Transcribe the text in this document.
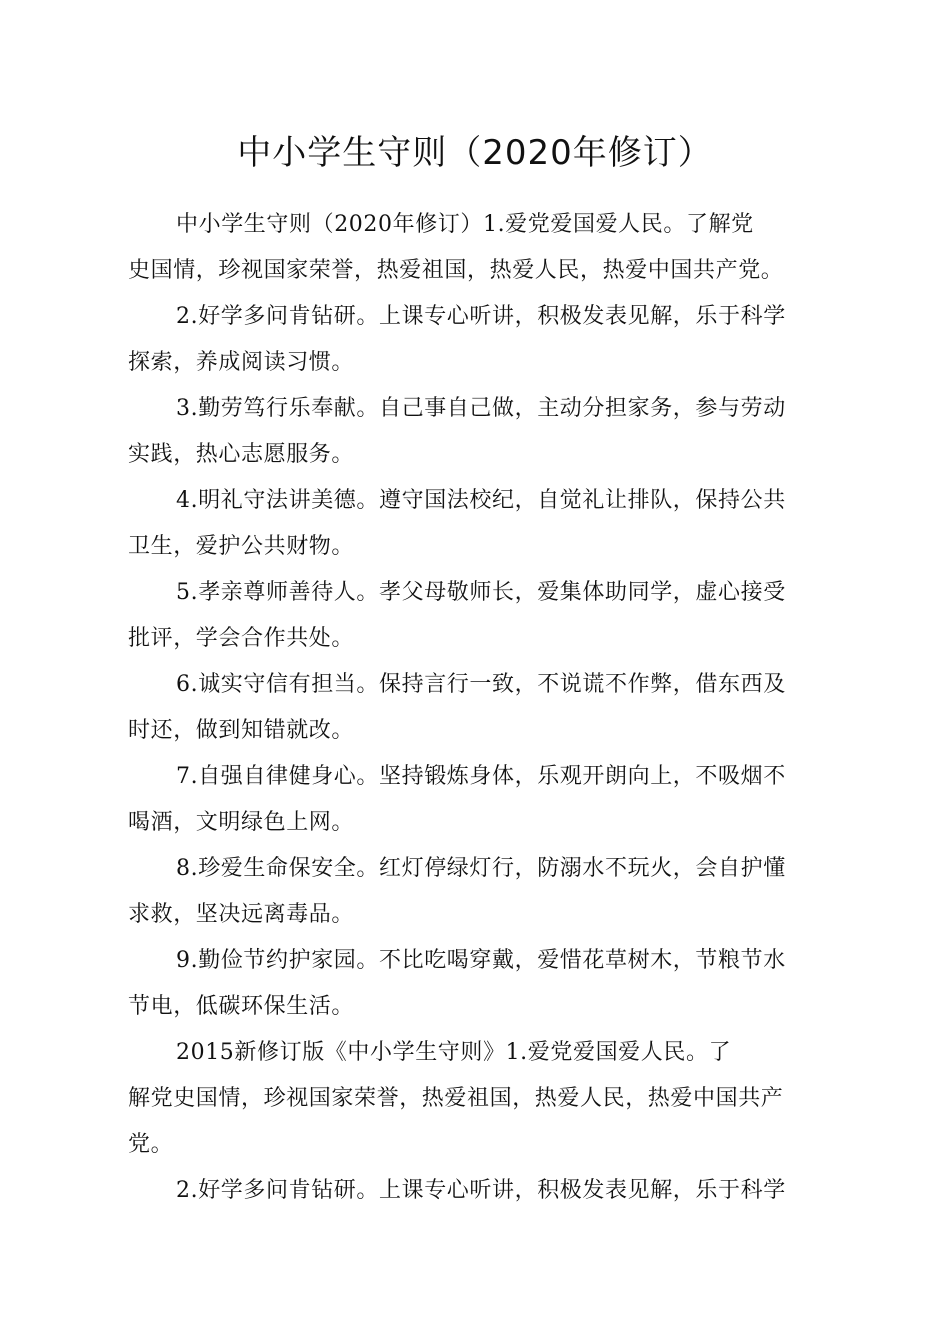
中小学生守则（2020年修订）

中小学生守则（2020年修订）1.爱党爱国爱人民。了解党
史国情，珍视国家荣誉，热爱祖国，热爱人民，热爱中国共产党。

2.好学多问肯钻研。上课专心听讲，积极发表见解，乐于科学
探索，养成阅读习惯。

3.勤劳笃行乐奉献。自己事自己做，主动分担家务，参与劳动
实践，热心志愿服务。

4.明礼守法讲美德。遵守国法校纪，自觉礼让排队，保持公共
卫生，爱护公共财物。

5.孝亲尊师善待人。孝父母敬师长，爱集体助同学，虚心接受
批评，学会合作共处。

6.诚实守信有担当。保持言行一致，不说谎不作弊，借东西及
时还，做到知错就改。

7.自强自律健身心。坚持锻炼身体，乐观开朗向上，不吸烟不
喝酒，文明绿色上网。

8.珍爱生命保安全。红灯停绿灯行，防溺水不玩火，会自护懂
求救，坚决远离毒品。

9.勤俭节约护家园。不比吃喝穿戴，爱惜花草树木，节粮节水
节电，低碳环保生活。

2015新修订版《中小学生守则》1.爱党爱国爱人民。了
解党史国情，珍视国家荣誉，热爱祖国，热爱人民，热爱中国共产
党。

2.好学多问肯钻研。上课专心听讲，积极发表见解，乐于科学
